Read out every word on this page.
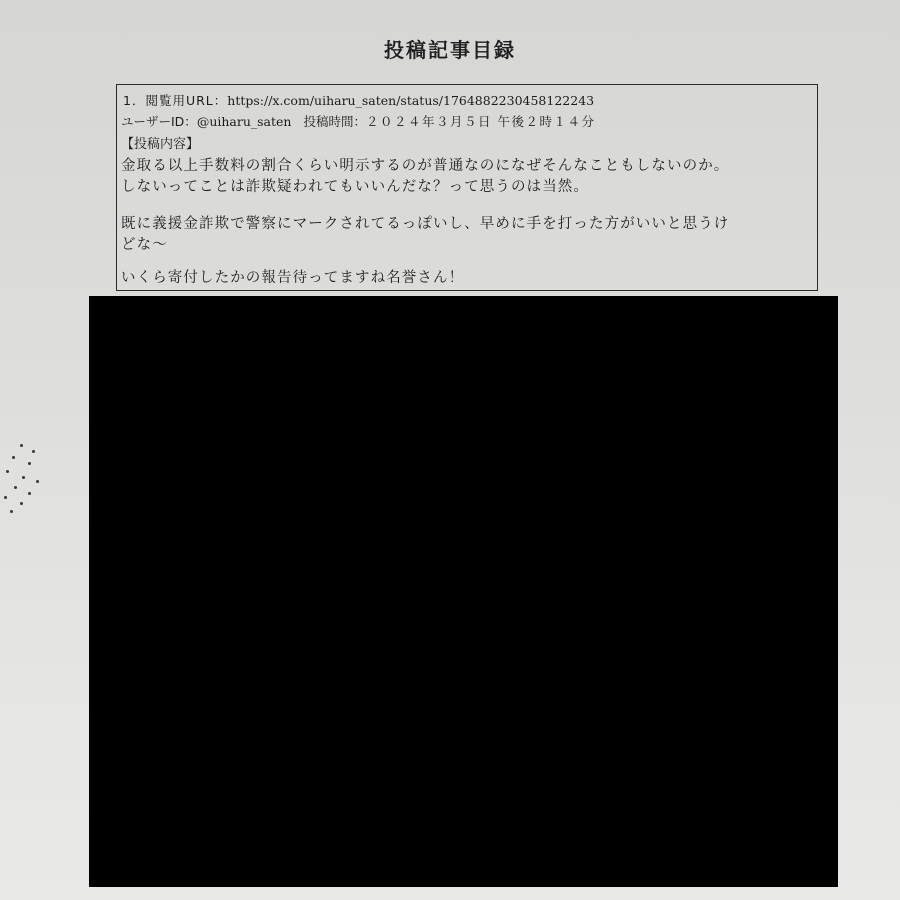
投稿記事目録
1．閲覧用URL：https://x.com/uiharu_saten/status/1764882230458122243
ユーザーID：@uiharu_saten 投稿時間：２０２４年３月５日 午後２時１４分
【投稿内容】
金取る以上手数料の割合くらい明示するのが普通なのになぜそんなこともしないのか。
しないってことは詐欺疑われてもいいんだな？って思うのは当然。
既に義援金詐欺で警察にマークされてるっぽいし、早めに手を打った方がいいと思うけ
どな～
いくら寄付したかの報告待ってますね名誉さん！
